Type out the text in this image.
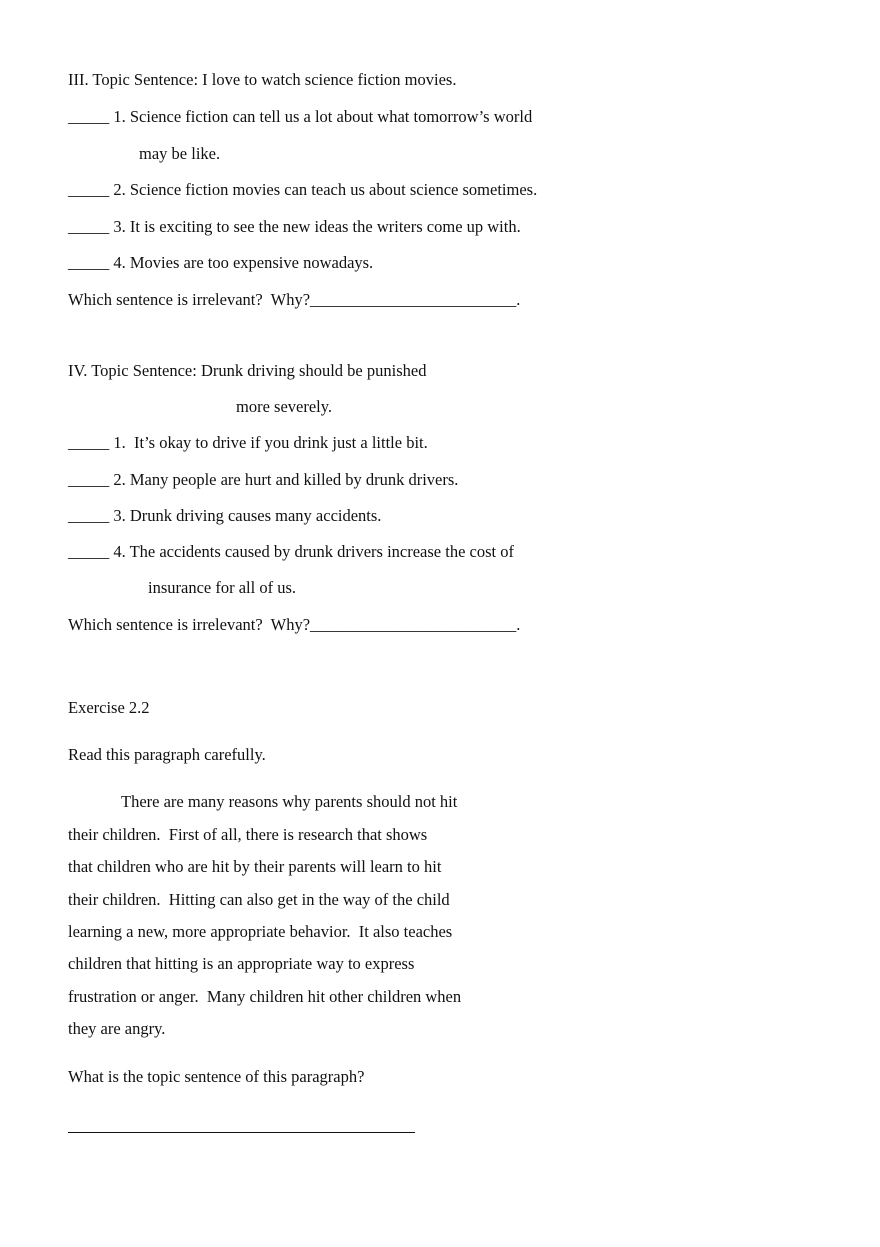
III. Topic Sentence: I love to watch science fiction movies.
_____ 1. Science fiction can tell us a lot about what tomorrow’s world
may be like.
_____ 2. Science fiction movies can teach us about science sometimes.
_____ 3. It is exciting to see the new ideas the writers come up with.
_____ 4. Movies are too expensive nowadays.
Which sentence is irrelevant?  Why?_________________________.
IV. Topic Sentence: Drunk driving should be punished
more severely.
_____ 1.  It’s okay to drive if you drink just a little bit.
_____ 2. Many people are hurt and killed by drunk drivers.
_____ 3. Drunk driving causes many accidents.
_____ 4. The accidents caused by drunk drivers increase the cost of
insurance for all of us.
Which sentence is irrelevant?  Why?_________________________.
Exercise 2.2
Read this paragraph carefully.
There are many reasons why parents should not hit
their children.  First of all, there is research that shows
that children who are hit by their parents will learn to hit
their children.  Hitting can also get in the way of the child
learning a new, more appropriate behavior.  It also teaches
children that hitting is an appropriate way to express
frustration or anger.  Many children hit other children when
they are angry.
What is the topic sentence of this paragraph?
